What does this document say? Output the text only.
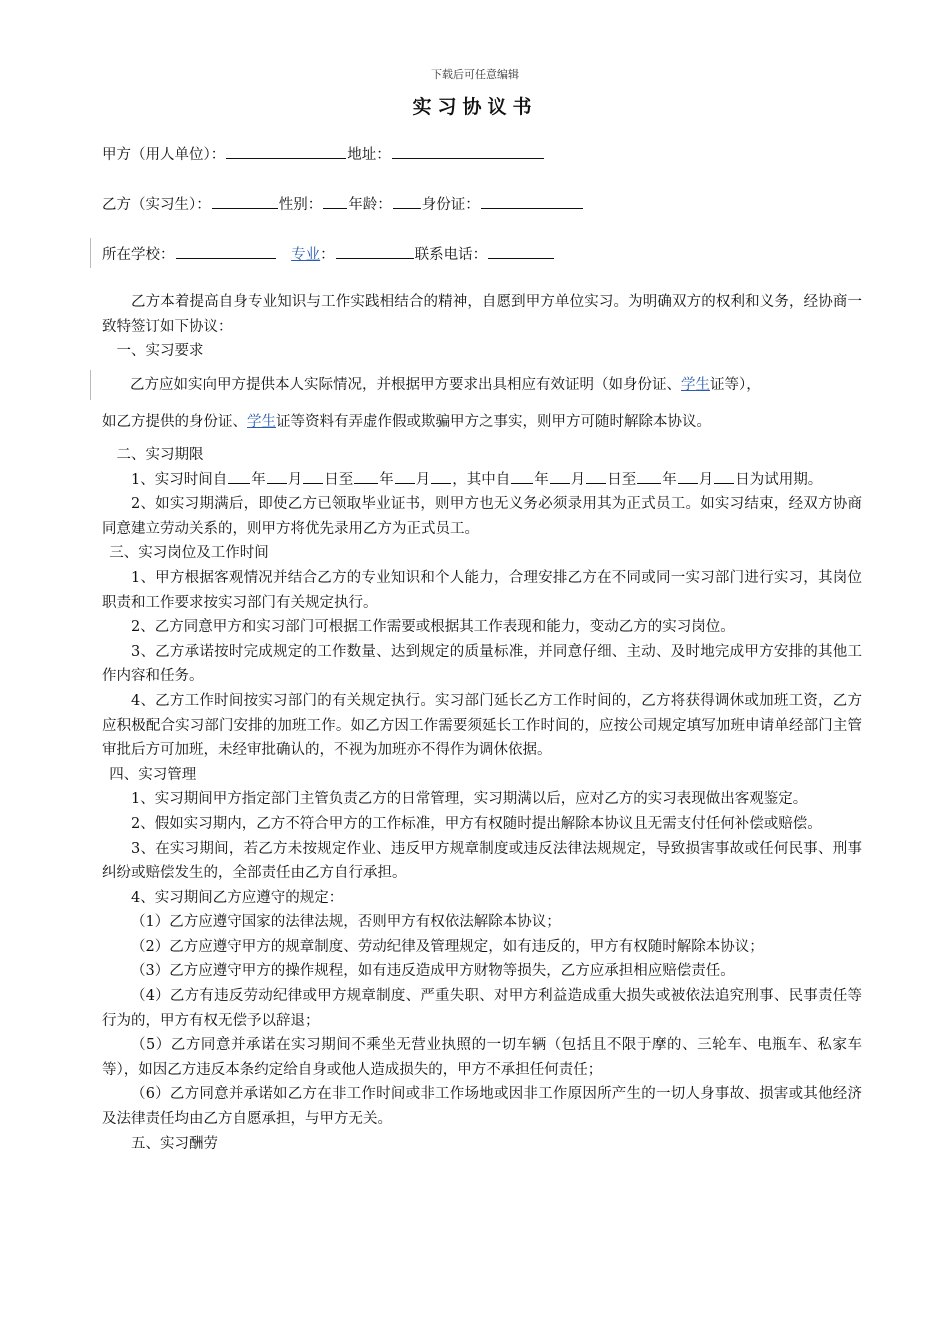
下载后可任意编辑
实习协议书
甲方（用人单位）：	地址：
乙方（实习生）：	性别： 年龄： 身份证：
所在学校：	专业：	联系电话：

乙方本着提高自身专业知识与工作实践相结合的精神，自愿到甲方单位实习。为明确双方的权利和义务，经协商一致特签订如下协议：

一、实习要求

乙方应如实向甲方提供本人实际情况，并根据甲方要求出具相应有效证明（如身份证、学生证等），
如乙方提供的身份证、学生证等资料有弄虚作假或欺骗甲方之事实，则甲方可随时解除本协议。

二、实习期限

1、实习时间自 年 月 日至 年 月 ，其中自 年 月 日至 年 月 日为试用期。

2、如实习期满后，即使乙方已领取毕业证书，则甲方也无义务必须录用其为正式员工。如实习结束，经双方协商同意建立劳动关系的，则甲方将优先录用乙方为正式员工。

三、实习岗位及工作时间

1、甲方根据客观情况并结合乙方的专业知识和个人能力，合理安排乙方在不同或同一实习部门进行实习，其岗位职责和工作要求按实习部门有关规定执行。

2、乙方同意甲方和实习部门可根据工作需要或根据其工作表现和能力，变动乙方的实习岗位。

3、乙方承诺按时完成规定的工作数量、达到规定的质量标准，并同意仔细、主动、及时地完成甲方安排的其他工作内容和任务。

4、乙方工作时间按实习部门的有关规定执行。实习部门延长乙方工作时间的，乙方将获得调休或加班工资，乙方应积极配合实习部门安排的加班工作。如乙方因工作需要须延长工作时间的，应按公司规定填写加班申请单经部门主管审批后方可加班，未经审批确认的，不视为加班亦不得作为调休依据。

四、实习管理

1、实习期间甲方指定部门主管负责乙方的日常管理，实习期满以后，应对乙方的实习表现做出客观鉴定。

2、假如实习期内，乙方不符合甲方的工作标准，甲方有权随时提出解除本协议且无需支付任何补偿或赔偿。

3、在实习期间，若乙方未按规定作业、违反甲方规章制度或违反法律法规规定，导致损害事故或任何民事、刑事纠纷或赔偿发生的，全部责任由乙方自行承担。

4、实习期间乙方应遵守的规定：

（1）乙方应遵守国家的法律法规，否则甲方有权依法解除本协议；

（2）乙方应遵守甲方的规章制度、劳动纪律及管理规定，如有违反的，甲方有权随时解除本协议；

（3）乙方应遵守甲方的操作规程，如有违反造成甲方财物等损失，乙方应承担相应赔偿责任。

（4）乙方有违反劳动纪律或甲方规章制度、严重失职、对甲方利益造成重大损失或被依法追究刑事、民事责任等行为的，甲方有权无偿予以辞退；

（5）乙方同意并承诺在实习期间不乘坐无营业执照的一切车辆（包括且不限于摩的、三轮车、电瓶车、私家车等），如因乙方违反本条约定给自身或他人造成损失的，甲方不承担任何责任；

（6）乙方同意并承诺如乙方在非工作时间或非工作场地或因非工作原因所产生的一切人身事故、损害或其他经济及法律责任均由乙方自愿承担，与甲方无关。

五、实习酬劳
